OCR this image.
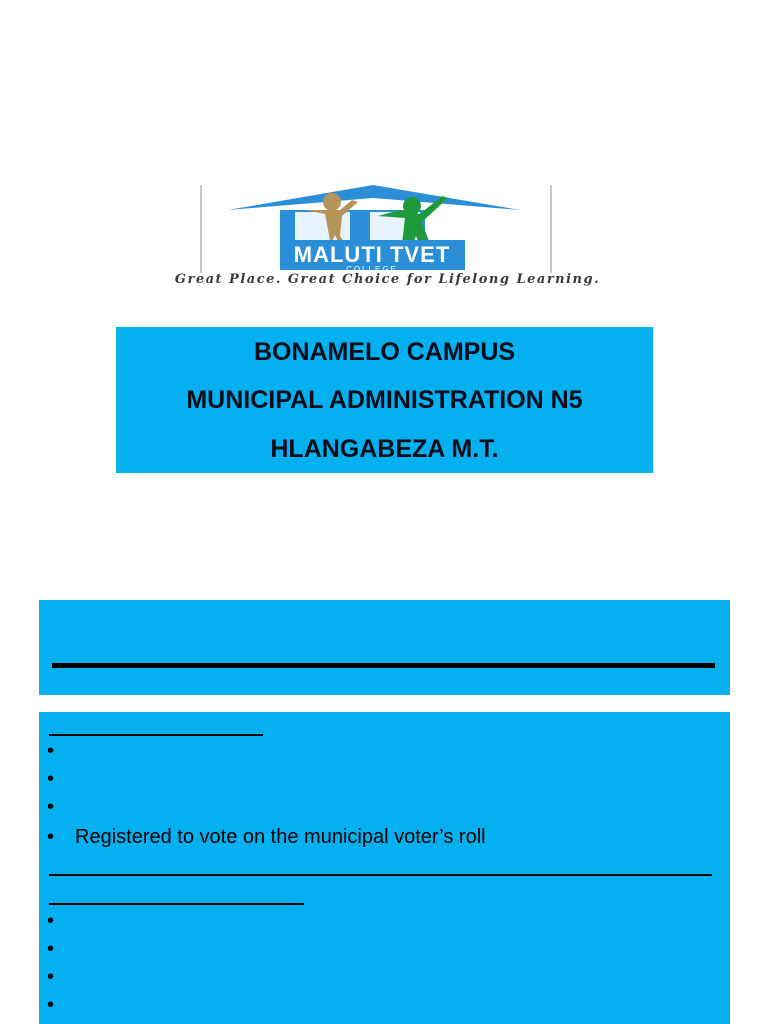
MALUTI TVET
COLLEGE
Great Place. Great Choice for Lifelong Learning.
BONAMELO CAMPUS
MUNICIPAL ADMINISTRATION N5
HLANGABEZA M.T.
•
•
•
• Registered to vote on the municipal voter’s roll
•
•
•
•
